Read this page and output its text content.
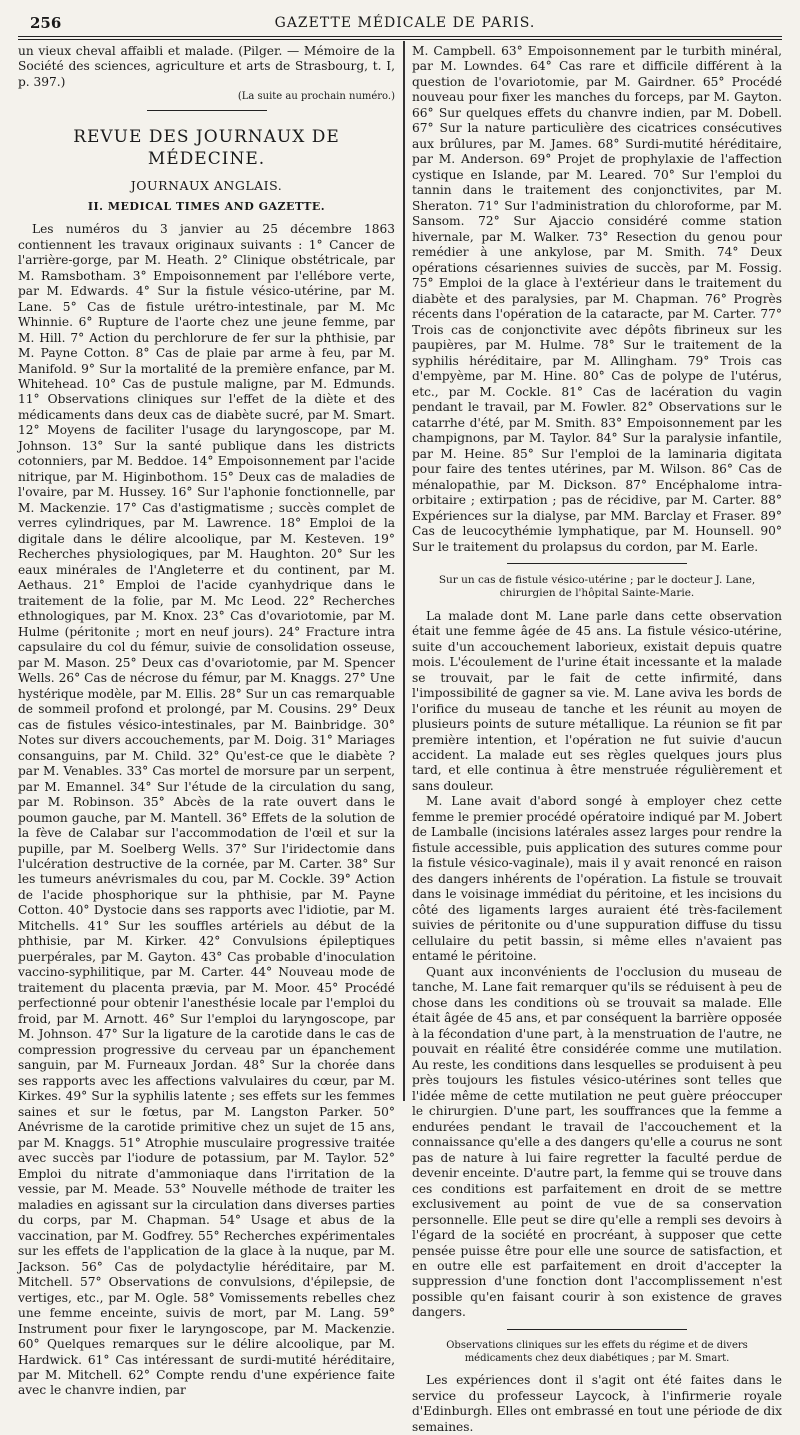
256	GAZETTE MÉDICALE DE PARIS.

un vieux cheval affaibli et malade. (Pilger. — Mémoire de la Société des sciences, agriculture et arts de Strasbourg, t. I, p. 397.)

(La suite au prochain numéro.)

REVUE DES JOURNAUX DE MÉDECINE.
JOURNAUX ANGLAIS.
II. MEDICAL TIMES AND GAZETTE.

Les numéros du 3 janvier au 25 décembre 1863 contiennent les travaux originaux suivants : 1° Cancer de l'arrière-gorge, par M. Heath. 2° Clinique obstétricale, par M. Ramsbotham. 3° Empoisonnement par l'ellébore verte, par M. Edwards. 4° Sur la fistule vésico-utérine, par M. Lane. 5° Cas de fistule urétro-intestinale, par M. Mc Whinnie. 6° Rupture de l'aorte chez une jeune femme, par M. Hill. 7° Action du perchlorure de fer sur la phthisie, par M. Payne Cotton. 8° Cas de plaie par arme à feu, par M. Manifold. 9° Sur la mortalité de la première enfance, par M. Whitehead. 10° Cas de pustule maligne, par M. Edmunds. 11° Observations cliniques sur l'effet de la diète et des médicaments dans deux cas de diabète sucré, par M. Smart. 12° Moyens de faciliter l'usage du laryngoscope, par M. Johnson. 13° Sur la santé publique dans les districts cotonniers, par M. Beddoe. 14° Empoisonnement par l'acide nitrique, par M. Higinbothom. 15° Deux cas de maladies de l'ovaire, par M. Hussey. 16° Sur l'aphonie fonctionnelle, par M. Mackenzie. 17° Cas d'astigmatisme ; succès complet de verres cylindriques, par M. Lawrence. 18° Emploi de la digitale dans le délire alcoolique, par M. Kesteven. 19° Recherches physiologiques, par M. Haughton. 20° Sur les eaux minérales de l'Angleterre et du continent, par M. Aethaus. 21° Emploi de l'acide cyanhydrique dans le traitement de la folie, par M. Mc Leod. 22° Recherches ethnologiques, par M. Knox. 23° Cas d'ovariotomie, par M. Hulme (péritonite ; mort en neuf jours). 24° Fracture intra capsulaire du col du fémur, suivie de consolidation osseuse, par M. Mason. 25° Deux cas d'ovariotomie, par M. Spencer Wells. 26° Cas de nécrose du fémur, par M. Knaggs. 27° Une hystérique modèle, par M. Ellis. 28° Sur un cas remarquable de sommeil profond et prolongé, par M. Cousins. 29° Deux cas de fistules vésico-intestinales, par M. Bainbridge. 30° Notes sur divers accouchements, par M. Doig. 31° Mariages consanguins, par M. Child. 32° Qu'est-ce que le diabète ? par M. Venables. 33° Cas mortel de morsure par un serpent, par M. Emannel. 34° Sur l'étude de la circulation du sang, par M. Robinson. 35° Abcès de la rate ouvert dans le poumon gauche, par M. Mantell. 36° Effets de la solution de la fève de Calabar sur l'accommodation de l'œil et sur la pupille, par M. Soelberg Wells. 37° Sur l'iridectomie dans l'ulcération destructive de la cornée, par M. Carter. 38° Sur les tumeurs anévrismales du cou, par M. Cockle. 39° Action de l'acide phosphorique sur la phthisie, par M. Payne Cotton. 40° Dystocie dans ses rapports avec l'idiotie, par M. Mitchells. 41° Sur les souffles artériels au début de la phthisie, par M. Kirker. 42° Convulsions épileptiques puerpérales, par M. Gayton. 43° Cas probable d'inoculation vaccino-syphilitique, par M. Carter. 44° Nouveau mode de traitement du placenta prævia, par M. Moor. 45° Procédé perfectionné pour obtenir l'anesthésie locale par l'emploi du froid, par M. Arnott. 46° Sur l'emploi du laryngoscope, par M. Johnson. 47° Sur la ligature de la carotide dans le cas de compression progressive du cerveau par un épanchement sanguin, par M. Furneaux Jordan. 48° Sur la chorée dans ses rapports avec les affections valvulaires du cœur, par M. Kirkes. 49° Sur la syphilis latente ; ses effets sur les femmes saines et sur le fœtus, par M. Langston Parker. 50° Anévrisme de la carotide primitive chez un sujet de 15 ans, par M. Knaggs. 51° Atrophie musculaire progressive traitée avec succès par l'iodure de potassium, par M. Taylor. 52° Emploi du nitrate d'ammoniaque dans l'irritation de la vessie, par M. Meade. 53° Nouvelle méthode de traiter les maladies en agissant sur la circulation dans diverses parties du corps, par M. Chapman. 54° Usage et abus de la vaccination, par M. Godfrey. 55° Recherches expérimentales sur les effets de l'application de la glace à la nuque, par M. Jackson. 56° Cas de polydactylie héréditaire, par M. Mitchell. 57° Observations de convulsions, d'épilepsie, de vertiges, etc., par M. Ogle. 58° Vomissements rebelles chez une femme enceinte, suivis de mort, par M. Lang. 59° Instrument pour fixer le laryngoscope, par M. Mackenzie. 60° Quelques remarques sur le délire alcoolique, par M. Hardwick. 61° Cas intéressant de surdi-mutité héréditaire, par M. Mitchell. 62° Compte rendu d'une expérience faite avec le chanvre indien, par

M. Campbell. 63° Empoisonnement par le turbith minéral, par M. Lowndes. 64° Cas rare et difficile différent à la question de l'ovariotomie, par M. Gairdner. 65° Procédé nouveau pour fixer les manches du forceps, par M. Gayton. 66° Sur quelques effets du chanvre indien, par M. Dobell. 67° Sur la nature particulière des cicatrices consécutives aux brûlures, par M. James. 68° Surdi-mutité héréditaire, par M. Anderson. 69° Projet de prophylaxie de l'affection cystique en Islande, par M. Leared. 70° Sur l'emploi du tannin dans le traitement des conjonctivites, par M. Sheraton. 71° Sur l'administration du chloroforme, par M. Sansom. 72° Sur Ajaccio considéré comme station hivernale, par M. Walker. 73° Resection du genou pour remédier à une ankylose, par M. Smith. 74° Deux opérations césariennes suivies de succès, par M. Fossig. 75° Emploi de la glace à l'extérieur dans le traitement du diabète et des paralysies, par M. Chapman. 76° Progrès récents dans l'opération de la cataracte, par M. Carter. 77° Trois cas de conjonctivite avec dépôts fibrineux sur les paupières, par M. Hulme. 78° Sur le traitement de la syphilis héréditaire, par M. Allingham. 79° Trois cas d'empyème, par M. Hine. 80° Cas de polype de l'utérus, etc., par M. Cockle. 81° Cas de lacération du vagin pendant le travail, par M. Fowler. 82° Observations sur le catarrhe d'été, par M. Smith. 83° Empoisonnement par les champignons, par M. Taylor. 84° Sur la paralysie infantile, par M. Heine. 85° Sur l'emploi de la laminaria digitata pour faire des tentes utérines, par M. Wilson. 86° Cas de ménalopathie, par M. Dickson. 87° Encéphalome intra-orbitaire ; extirpation ; pas de récidive, par M. Carter. 88° Expériences sur la dialyse, par MM. Barclay et Fraser. 89° Cas de leucocythémie lymphatique, par M. Hounsell. 90° Sur le traitement du prolapsus du cordon, par M. Earle.

Sur un cas de fistule vésico-utérine ; par le docteur J. Lane, chirurgien de l'hôpital Sainte-Marie.

La malade dont M. Lane parle dans cette observation était une femme âgée de 45 ans. La fistule vésico-utérine, suite d'un accouchement laborieux, existait depuis quatre mois. L'écoulement de l'urine était incessante et la malade se trouvait, par le fait de cette infirmité, dans l'impossibilité de gagner sa vie. M. Lane aviva les bords de l'orifice du museau de tanche et les réunit au moyen de plusieurs points de suture métallique. La réunion se fit par première intention, et l'opération ne fut suivie d'aucun accident. La malade eut ses règles quelques jours plus tard, et elle continua à être menstruée régulièrement et sans douleur.

M. Lane avait d'abord songé à employer chez cette femme le premier procédé opératoire indiqué par M. Jobert de Lamballe (incisions latérales assez larges pour rendre la fistule accessible, puis application des sutures comme pour la fistule vésico-vaginale), mais il y avait renoncé en raison des dangers inhérents de l'opération. La fistule se trouvait dans le voisinage immédiat du péritoine, et les incisions du côté des ligaments larges auraient été très-facilement suivies de péritonite ou d'une suppuration diffuse du tissu cellulaire du petit bassin, si même elles n'avaient pas entamé le péritoine.

Quant aux inconvénients de l'occlusion du museau de tanche, M. Lane fait remarquer qu'ils se réduisent à peu de chose dans les conditions où se trouvait sa malade. Elle était âgée de 45 ans, et par conséquent la barrière opposée à la fécondation d'une part, à la menstruation de l'autre, ne pouvait en réalité être considérée comme une mutilation. Au reste, les conditions dans lesquelles se produisent à peu près toujours les fistules vésico-utérines sont telles que l'idée même de cette mutilation ne peut guère préoccuper le chirurgien. D'une part, les souffrances que la femme a endurées pendant le travail de l'accouchement et la connaissance qu'elle a des dangers qu'elle a courus ne sont pas de nature à lui faire regretter la faculté perdue de devenir enceinte. D'autre part, la femme qui se trouve dans ces conditions est parfaitement en droit de se mettre exclusivement au point de vue de sa conservation personnelle. Elle peut se dire qu'elle a rempli ses devoirs à l'égard de la société en procréant, à supposer que cette pensée puisse être pour elle une source de satisfaction, et en outre elle est parfaitement en droit d'accepter la suppression d'une fonction dont l'accomplissement n'est possible qu'en faisant courir à son existence de graves dangers.

Observations cliniques sur les effets du régime et de divers médicaments chez deux diabétiques ; par M. Smart.

Les expériences dont il s'agit ont été faites dans le service du professeur Laycock, à l'infirmerie royale d'Edinburgh. Elles ont embrassé en tout une période de dix semaines.
